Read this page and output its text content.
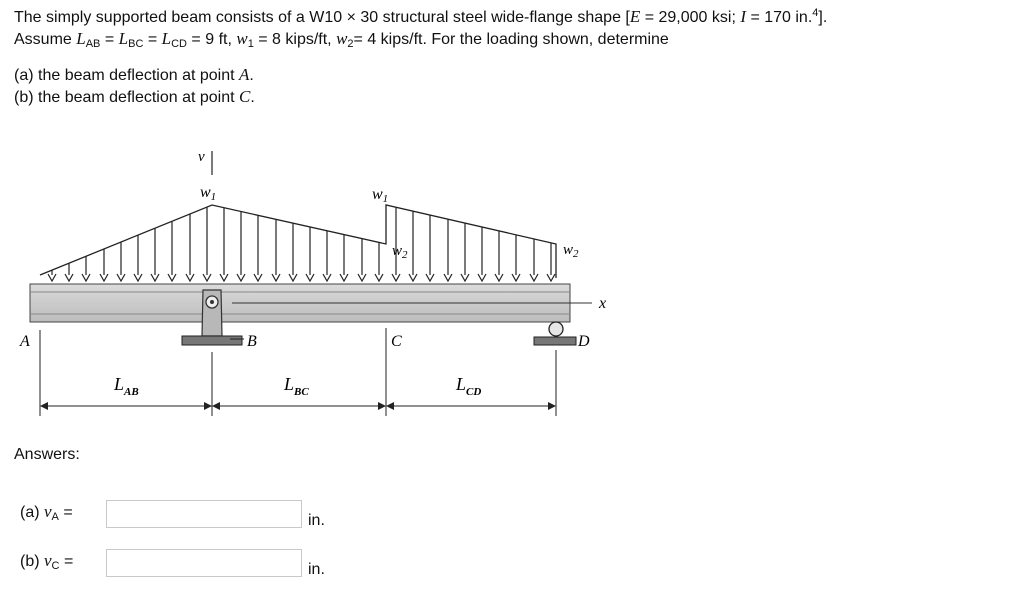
The simply supported beam consists of a W10 × 30 structural steel wide-flange shape [E = 29,000 ksi; I = 170 in.$^4$].

Assume $L_{AB} = L_{BC} = L_{CD} = 9$ ft, $w_1 = 8$ kips/ft, $w_2= 4$ kips/ft. For the loading shown, determine

(a) the beam deflection at point A.

(b) the beam deflection at point C.

v
w1	w1
$w_2$	$w_2$
x
A	B	C	D
$L_{AB}$	$L_{BC}$	$L_{CD}$
Answers:
(a) $v_A$ =	in.
(b) $v_C$ =	in.
